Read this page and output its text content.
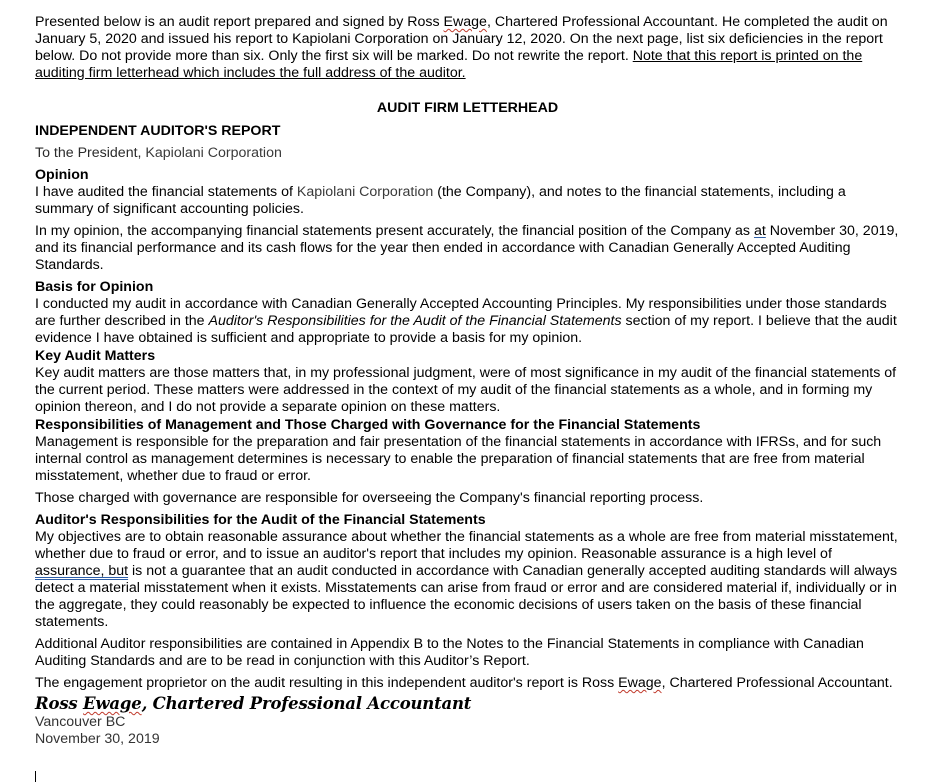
Presented below is an audit report prepared and signed by Ross Ewage, Chartered Professional Accountant. He completed the audit on January 5, 2020 and issued his report to Kapiolani Corporation on January 12, 2020. On the next page, list six deficiencies in the report below. Do not provide more than six. Only the first six will be marked. Do not rewrite the report. Note that this report is printed on the auditing firm letterhead which includes the full address of the auditor.

AUDIT FIRM LETTERHEAD

INDEPENDENT AUDITOR'S REPORT

To the President, Kapiolani Corporation

Opinion

I have audited the financial statements of Kapiolani Corporation (the Company), and notes to the financial statements, including a summary of significant accounting policies.

In my opinion, the accompanying financial statements present accurately, the financial position of the Company as at November 30, 2019, and its financial performance and its cash flows for the year then ended in accordance with Canadian Generally Accepted Auditing Standards.

Basis for Opinion

I conducted my audit in accordance with Canadian Generally Accepted Accounting Principles. My responsibilities under those standards are further described in the Auditor's Responsibilities for the Audit of the Financial Statements section of my report. I believe that the audit evidence I have obtained is sufficient and appropriate to provide a basis for my opinion.

Key Audit Matters

Key audit matters are those matters that, in my professional judgment, were of most significance in my audit of the financial statements of the current period. These matters were addressed in the context of my audit of the financial statements as a whole, and in forming my opinion thereon, and I do not provide a separate opinion on these matters.

Responsibilities of Management and Those Charged with Governance for the Financial Statements

Management is responsible for the preparation and fair presentation of the financial statements in accordance with IFRSs, and for such internal control as management determines is necessary to enable the preparation of financial statements that are free from material misstatement, whether due to fraud or error.

Those charged with governance are responsible for overseeing the Company's financial reporting process.

Auditor's Responsibilities for the Audit of the Financial Statements

My objectives are to obtain reasonable assurance about whether the financial statements as a whole are free from material misstatement, whether due to fraud or error, and to issue an auditor's report that includes my opinion. Reasonable assurance is a high level of assurance, but is not a guarantee that an audit conducted in accordance with Canadian generally accepted auditing standards will always detect a material misstatement when it exists. Misstatements can arise from fraud or error and are considered material if, individually or in the aggregate, they could reasonably be expected to influence the economic decisions of users taken on the basis of these financial statements.

Additional Auditor responsibilities are contained in Appendix B to the Notes to the Financial Statements in compliance with Canadian Auditing Standards and are to be read in conjunction with this Auditor’s Report.

The engagement proprietor on the audit resulting in this independent auditor's report is Ross Ewage, Chartered Professional Accountant.

Ross Ewage, Chartered Professional Accountant

Vancouver BC

November 30, 2019
